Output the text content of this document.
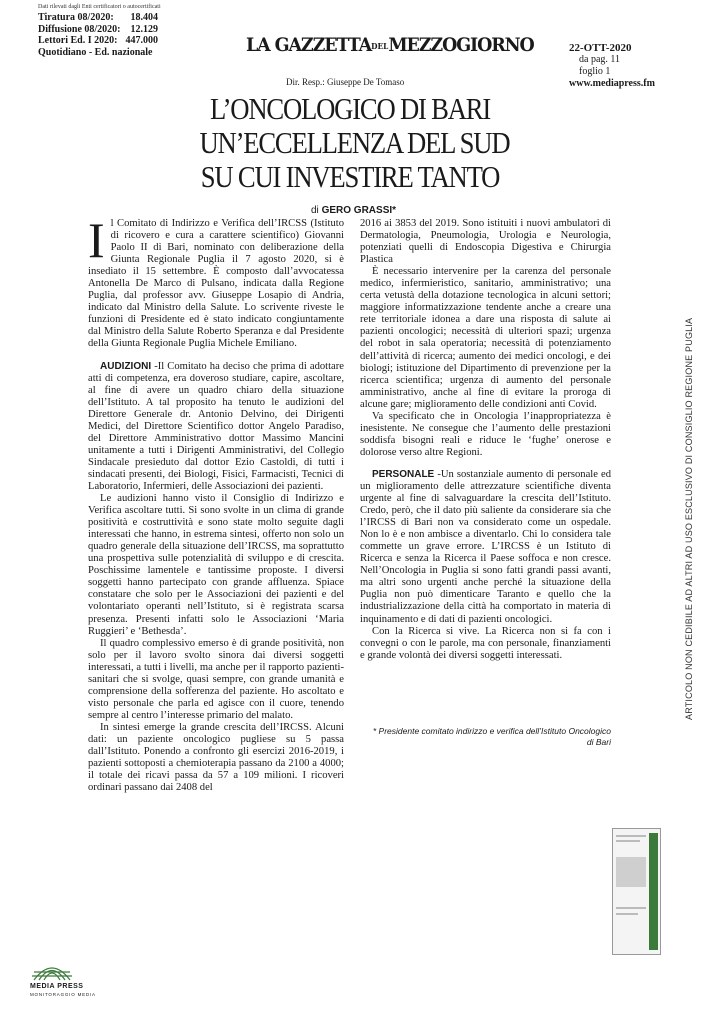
Dati rilevati dagli Enti certificatori o autocertificati
Tiratura 08/2020: 18.404
Diffusione 08/2020: 12.129
Lettori Ed. I 2020: 447.000
Quotidiano - Ed. nazionale	LA GAZZETTADELMEZZOGIORNO
Dir. Resp.: Giuseppe De Tomaso
22-OTT-2020
da pag. 11
foglio 1
www.mediapress.fm
L’ONCOLOGICO DI BARI
UN’ECCELLENZA DEL SUD
SU CUI INVESTIRE TANTO
di GERO GRASSI*

Il Comitato di Indirizzo e Verifica dell’IRCSS (Istituto di ricovero e cura a carattere scientifico) Giovanni Paolo II di Bari, nominato con deliberazione della Giunta Regionale Puglia il 7 agosto 2020, si è insediato il 15 settembre. È composto dall’avvocatessa Antonella De Marco di Pulsano, indicata dalla Regione Puglia, dal professor avv. Giuseppe Losapio di Andria, indicato dal Ministro della Salute. Lo scrivente riveste le funzioni di Presidente ed è stato indicato congiuntamente dal Ministro della Salute Roberto Speranza e dal Presidente della Giunta Regionale Puglia Michele Emiliano.

AUDIZIONI -Il Comitato ha deciso che prima di adottare atti di competenza, era doveroso studiare, capire, ascoltare, al fine di avere un quadro chiaro della situazione dell’Istituto. A tal proposito ha tenuto le audizioni del Direttore Generale dr. Antonio Delvino, dei Dirigenti Medici, del Direttore Scientifico dottor Angelo Paradiso, del Direttore Amministrativo dottor Massimo Mancini unitamente a tutti i Dirigenti Amministrativi, del Collegio Sindacale presieduto dal dottor Ezio Castoldi, di tutti i sindacati presenti, dei Biologi, Fisici, Farmacisti, Tecnici di Laboratorio, Infermieri, delle Associazioni dei pazienti.

Le audizioni hanno visto il Consiglio di Indirizzo e Verifica ascoltare tutti. Si sono svolte in un clima di grande positività e costruttività e sono state molto seguite dagli interessati che hanno, in estrema sintesi, offerto non solo un quadro generale della situazione dell’IRCSS, ma soprattutto una prospettiva sulle potenzialità di sviluppo e di crescita. Poschissime lamentele e tantissime proposte. I diversi soggetti hanno partecipato con grande affluenza. Spiace constatare che solo per le Associazioni dei pazienti e del volontariato operanti nell’Istituto, si è registrata scarsa presenza. Presenti infatti solo le Associazioni ‘Maria Ruggieri’ e ‘Bethesda’.

Il quadro complessivo emerso è di grande positività, non solo per il lavoro svolto sinora dai diversi soggetti interessati, a tutti i livelli, ma anche per il rapporto pazienti-sanitari che si svolge, quasi sempre, con grande umanità e comprensione della sofferenza del paziente. Ho ascoltato e visto personale che parla ed agisce con il cuore, tenendo sempre al centro l’interesse primario del malato.

In sintesi emerge la grande crescita dell’IRCSS. Alcuni dati: un paziente oncologico pugliese su 5 passa dall’Istituto. Ponendo a confronto gli esercizi 2016-2019, i pazienti sottoposti a chemioterapia passano da 2100 a 4000; il totale dei ricavi passa da 57 a 109 milioni. I ricoveri ordinari passano dai 2408 del

2016 ai 3853 del 2019. Sono istituiti i nuovi ambulatori di Dermatologia, Pneumologia, Urologia e Neurologia, potenziati quelli di Endoscopia Digestiva e Chirurgia Plastica

È necessario intervenire per la carenza del personale medico, infermieristico, sanitario, amministrativo; una certa vetustà della dotazione tecnologica in alcuni settori; maggiore informatizzazione tendente anche a creare una rete territoriale idonea a dare una risposta di salute ai pazienti oncologici; necessità di ulteriori spazi; urgenza del robot in sala operatoria; necessità di potenziamento dell’attività di ricerca; aumento dei medici oncologi, e dei biologi; istituzione del Dipartimento di prevenzione per la ricerca scientifica; urgenza di aumento del personale amministrativo, anche al fine di evitare la proroga di alcune gare; miglioramento delle condizioni anti Covid.

Va specificato che in Oncologia l’inappropriatezza è inesistente. Ne consegue che l’aumento delle prestazioni soddisfa bisogni reali e riduce le ‘fughe’ onerose e dolorose verso altre Regioni.

PERSONALE -Un sostanziale aumento di personale ed un miglioramento delle attrezzature scientifiche diventa urgente al fine di salvaguardare la crescita dell’Istituto. Credo, però, che il dato più saliente da considerare sia che l’IRCSS di Bari non va considerato come un ospedale. Non lo è e non ambisce a diventarlo. Chi lo considera tale commette un grave errore. L’IRCSS è un Istituto di Ricerca e senza la Ricerca il Paese soffoca e non cresce. Nell’Oncologia in Puglia si sono fatti grandi passi avanti, ma altri sono urgenti anche perché la situazione della Puglia non può dimenticare Taranto e quello che la industrializzazione della città ha comportato in materia di inquinamento e di dati di pazienti oncologici.

Con la Ricerca si vive. La Ricerca non si fa con i convegni o con le parole, ma con personale, finanziamenti e grande volontà dei diversi soggetti interessati.

* Presidente comitato indirizzo e verifica dell’Istituto Oncologico
di Bari
ARTICOLO NON CEDIBILE AD ALTRI AD USO ESCLUSIVO DI CONSIGLIO REGIONE PUGLIA
MEDIA PRESS
MONITORAGGIO MEDIA
